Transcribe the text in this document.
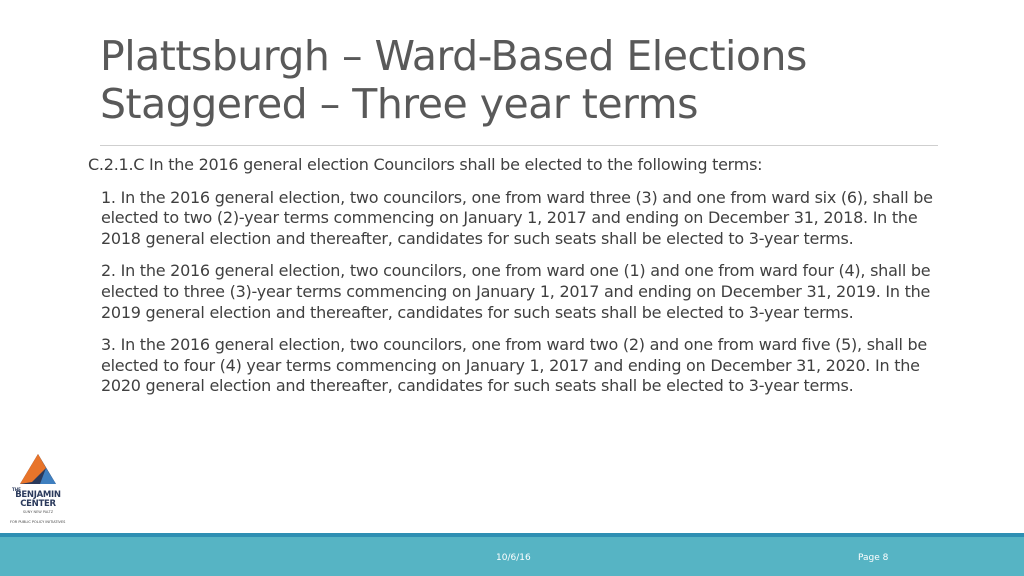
Plattsburgh – Ward-Based Elections
Staggered – Three year terms

C.2.1.C In the 2016 general election Councilors shall be elected to the following terms:

1. In the 2016 general election, two councilors, one from ward three (3) and one from ward six (6), shall be elected to two (2)-year terms commencing on January 1, 2017 and ending on December 31, 2018. In the 2018 general election and thereafter, candidates for such seats shall be elected to 3-year terms.

2. In the 2016 general election, two councilors, one from ward one (1) and one from ward four (4), shall be elected to three (3)-year terms commencing on January 1, 2017 and ending on December 31, 2019. In the 2019 general election and thereafter, candidates for such seats shall be elected to 3-year terms.

3. In the 2016 general election, two councilors, one from ward two (2) and one from ward five (5), shall be elected to four (4) year terms commencing on January 1, 2017 and ending on December 31, 2020. In the 2020 general election and thereafter, candidates for such seats shall be elected to 3-year terms.

THE
BENJAMIN
CENTER
SUNY NEW PALTZ
FOR PUBLIC POLICY INITIATIVES
10/6/16	Page 8
